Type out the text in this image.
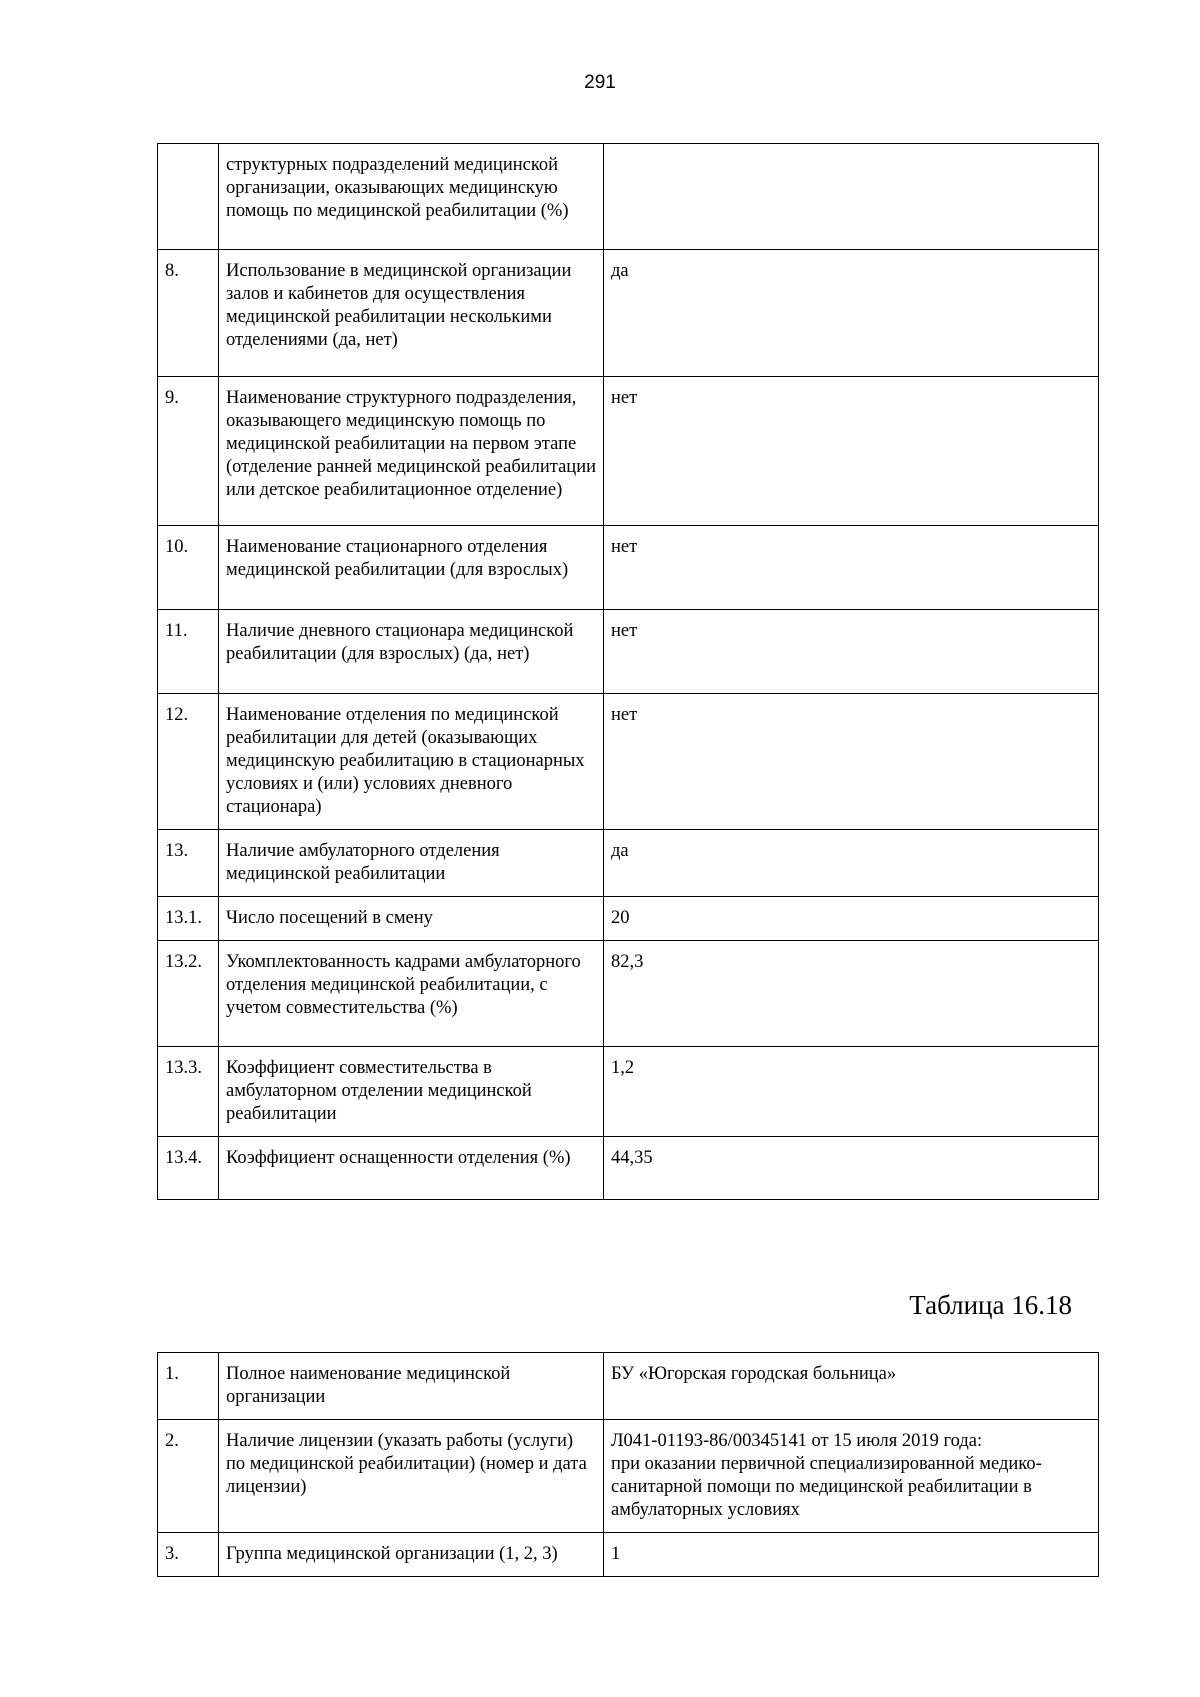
291
	структурных подразделений медицинской организации, оказывающих медицинскую помощь по медицинской реабилитации (%)	
8.	Использование в медицинской организации залов и кабинетов для осуществления медицинской реабилитации несколькими отделениями (да, нет)	да
9.	Наименование структурного подразделения, оказывающего медицинскую помощь по медицинской реабилитации на первом этапе (отделение ранней медицинской реабилитации или детское реабилитационное отделение)	нет
10.	Наименование стационарного отделения медицинской реабилитации (для взрослых)	нет
11.	Наличие дневного стационара медицинской реабилитации (для взрослых) (да, нет)	нет
12.	Наименование отделения по медицинской реабилитации для детей (оказывающих медицинскую реабилитацию в стационарных условиях и (или) условиях дневного стационара)	нет
13.	Наличие амбулаторного отделения медицинской реабилитации	да
13.1.	Число посещений в смену	20
13.2.	Укомплектованность кадрами амбулаторного отделения медицинской реабилитации, с учетом совместительства (%)	82,3
13.3.	Коэффициент совместительства в амбулаторном отделении медицинской реабилитации	1,2
13.4.	Коэффициент оснащенности отделения (%)	44,35
Таблица 16.18
1.	Полное наименование медицинской организации	БУ «Югорская городская больница»
2.	Наличие лицензии (указать работы (услуги) по медицинской реабилитации) (номер и дата лицензии)	Л041-01193-86/00345141 от 15 июля 2019 года:
при оказании первичной специализированной медико-санитарной помощи по медицинской реабилитации в амбулаторных условиях

3.	Группа медицинской организации (1, 2, 3)	1
